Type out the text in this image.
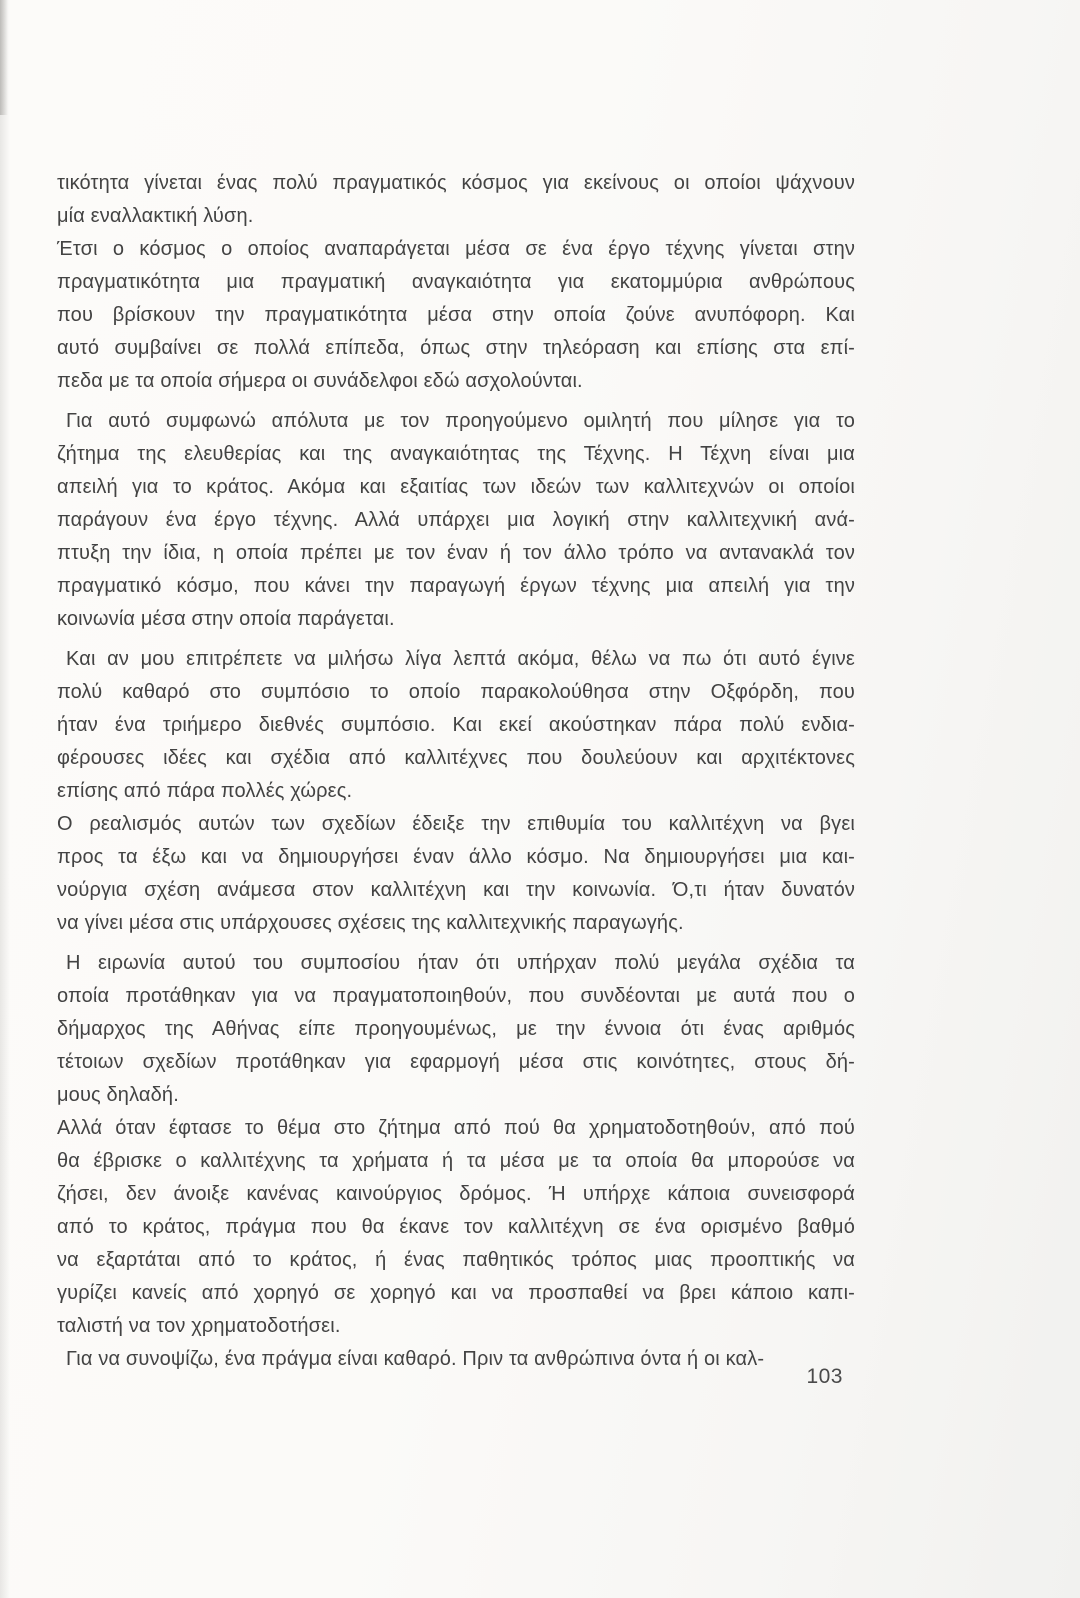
τικότητα γίνεται ένας πολύ πραγματικός κόσμος για εκείνους οι οποίοι ψάχνουν
μία εναλλακτική λύση.

Έτσι ο κόσμος ο οποίος αναπαράγεται μέσα σε ένα έργο τέχνης γίνεται στην
πραγματικότητα μια πραγματική αναγκαιότητα για εκατομμύρια ανθρώπους
που βρίσκουν την πραγματικότητα μέσα στην οποία ζούνε ανυπόφορη. Και
αυτό συμβαίνει σε πολλά επίπεδα, όπως στην τηλεόραση και επίσης στα επί-
πεδα με τα οποία σήμερα οι συνάδελφοι εδώ ασχολούνται.

Για αυτό συμφωνώ απόλυτα με τον προηγούμενο ομιλητή που μίλησε για το
ζήτημα της ελευθερίας και της αναγκαιότητας της Τέχνης. Η Τέχνη είναι μια
απειλή για το κράτος. Ακόμα και εξαιτίας των ιδεών των καλλιτεχνών οι οποίοι
παράγουν ένα έργο τέχνης. Αλλά υπάρχει μια λογική στην καλλιτεχνική ανά-
πτυξη την ίδια, η οποία πρέπει με τον έναν ή τον άλλο τρόπο να αντανακλά τον
πραγματικό κόσμο, που κάνει την παραγωγή έργων τέχνης μια απειλή για την
κοινωνία μέσα στην οποία παράγεται.

Και αν μου επιτρέπετε να μιλήσω λίγα λεπτά ακόμα, θέλω να πω ότι αυτό έγινε
πολύ καθαρό στο συμπόσιο το οποίο παρακολούθησα στην Οξφόρδη, που
ήταν ένα τριήμερο διεθνές συμπόσιο. Και εκεί ακούστηκαν πάρα πολύ ενδια-
φέρουσες ιδέες και σχέδια από καλλιτέχνες που δουλεύουν και αρχιτέκτονες
επίσης από πάρα πολλές χώρες.

Ο ρεαλισμός αυτών των σχεδίων έδειξε την επιθυμία του καλλιτέχνη να βγει
προς τα έξω και να δημιουργήσει έναν άλλο κόσμο. Να δημιουργήσει μια και-
νούργια σχέση ανάμεσα στον καλλιτέχνη και την κοινωνία. Ό,τι ήταν δυνατόν
να γίνει μέσα στις υπάρχουσες σχέσεις της καλλιτεχνικής παραγωγής.

Η ειρωνία αυτού του συμποσίου ήταν ότι υπήρχαν πολύ μεγάλα σχέδια τα
οποία προτάθηκαν για να πραγματοποιηθούν, που συνδέονται με αυτά που ο
δήμαρχος της Αθήνας είπε προηγουμένως, με την έννοια ότι ένας αριθμός
τέτοιων σχεδίων προτάθηκαν για εφαρμογή μέσα στις κοινότητες, στους δή-
μους δηλαδή.

Αλλά όταν έφτασε το θέμα στο ζήτημα από πού θα χρηματοδοτηθούν, από πού
θα έβρισκε ο καλλιτέχνης τα χρήματα ή τα μέσα με τα οποία θα μπορούσε να
ζήσει, δεν άνοιξε κανένας καινούργιος δρόμος. Ή υπήρχε κάποια συνεισφορά
από το κράτος, πράγμα που θα έκανε τον καλλιτέχνη σε ένα ορισμένο βαθμό
να εξαρτάται από το κράτος, ή ένας παθητικός τρόπος μιας προοπτικής να
γυρίζει κανείς από χορηγό σε χορηγό και να προσπαθεί να βρει κάποιο καπι-
ταλιστή να τον χρηματοδοτήσει.

Για να συνοψίζω, ένα πράγμα είναι καθαρό. Πριν τα ανθρώπινα όντα ή οι καλ-

103
